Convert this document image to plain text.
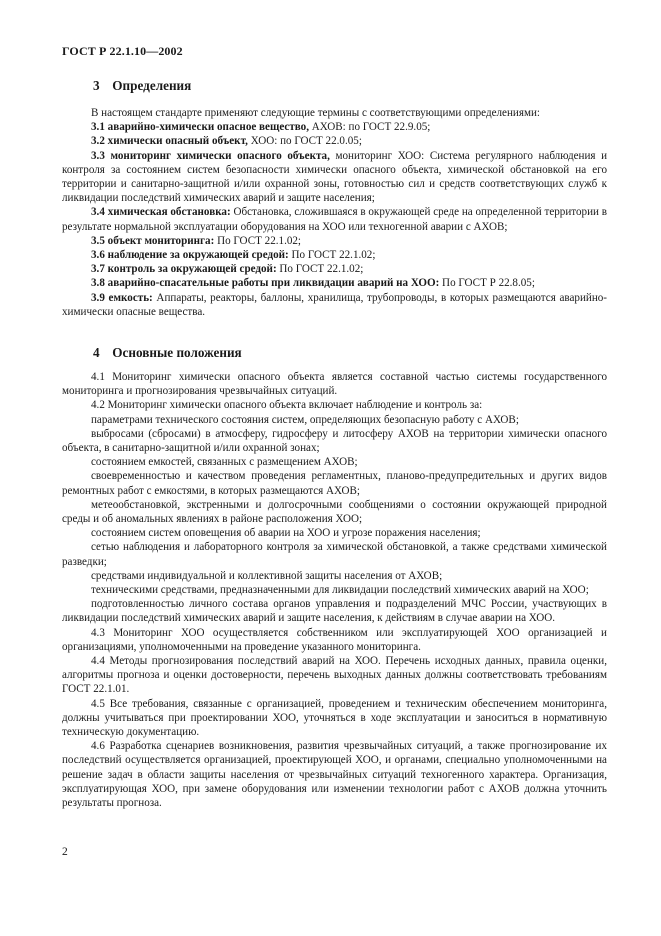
ГОСТ Р 22.1.10—2002
3 Определения

В настоящем стандарте применяют следующие термины с соответствующими определениями:

3.1 аварийно-химически опасное вещество, АХОВ: по ГОСТ 22.9.05;

3.2 химически опасный объект, ХОО: по ГОСТ 22.0.05;

3.3 мониторинг химически опасного объекта, мониторинг ХОО: Система регулярного наблюдения и контроля за состоянием систем безопасности химически опасного объекта, химической обстановкой на его территории и санитарно-защитной и/или охранной зоны, готовностью сил и средств соответствующих служб к ликвидации последствий химических аварий и защите населения;

3.4 химическая обстановка: Обстановка, сложившаяся в окружающей среде на определенной территории в результате нормальной эксплуатации оборудования на ХОО или техногенной аварии с АХОВ;

3.5 объект мониторинга: По ГОСТ 22.1.02;

3.6 наблюдение за окружающей средой: По ГОСТ 22.1.02;

3.7 контроль за окружающей средой: По ГОСТ 22.1.02;

3.8 аварийно-спасательные работы при ликвидации аварий на ХОО: По ГОСТ Р 22.8.05;

3.9 емкость: Аппараты, реакторы, баллоны, хранилища, трубопроводы, в которых размещаются аварийно-химически опасные вещества.

4 Основные положения

4.1 Мониторинг химически опасного объекта является составной частью системы государственного мониторинга и прогнозирования чрезвычайных ситуаций.

4.2 Мониторинг химически опасного объекта включает наблюдение и контроль за:

параметрами технического состояния систем, определяющих безопасную работу с АХОВ;

выбросами (сбросами) в атмосферу, гидросферу и литосферу АХОВ на территории химически опасного объекта, в санитарно-защитной и/или охранной зонах;

состоянием емкостей, связанных с размещением АХОВ;

своевременностью и качеством проведения регламентных, планово-предупредительных и других видов ремонтных работ с емкостями, в которых размещаются АХОВ;

метеообстановкой, экстренными и долгосрочными сообщениями о состоянии окружающей природной среды и об аномальных явлениях в районе расположения ХОО;

состоянием систем оповещения об аварии на ХОО и угрозе поражения населения;

сетью наблюдения и лабораторного контроля за химической обстановкой, а также средствами химической разведки;

средствами индивидуальной и коллективной защиты населения от АХОВ;

техническими средствами, предназначенными для ликвидации последствий химических аварий на ХОО;

подготовленностью личного состава органов управления и подразделений МЧС России, участвующих в ликвидации последствий химических аварий и защите населения, к действиям в случае аварии на ХОО.

4.3 Мониторинг ХОО осуществляется собственником или эксплуатирующей ХОО организацией и организациями, уполномоченными на проведение указанного мониторинга.

4.4 Методы прогнозирования последствий аварий на ХОО. Перечень исходных данных, правила оценки, алгоритмы прогноза и оценки достоверности, перечень выходных данных должны соответствовать требованиям ГОСТ 22.1.01.

4.5 Все требования, связанные с организацией, проведением и техническим обеспечением мониторинга, должны учитываться при проектировании ХОО, уточняться в ходе эксплуатации и заноситься в нормативную техническую документацию.

4.6 Разработка сценариев возникновения, развития чрезвычайных ситуаций, а также прогнозирование их последствий осуществляется организацией, проектирующей ХОО, и органами, специально уполномоченными на решение задач в области защиты населения от чрезвычайных ситуаций техногенного характера. Организация, эксплуатирующая ХОО, при замене оборудования или изменении технологии работ с АХОВ должна уточнить результаты прогноза.

2
